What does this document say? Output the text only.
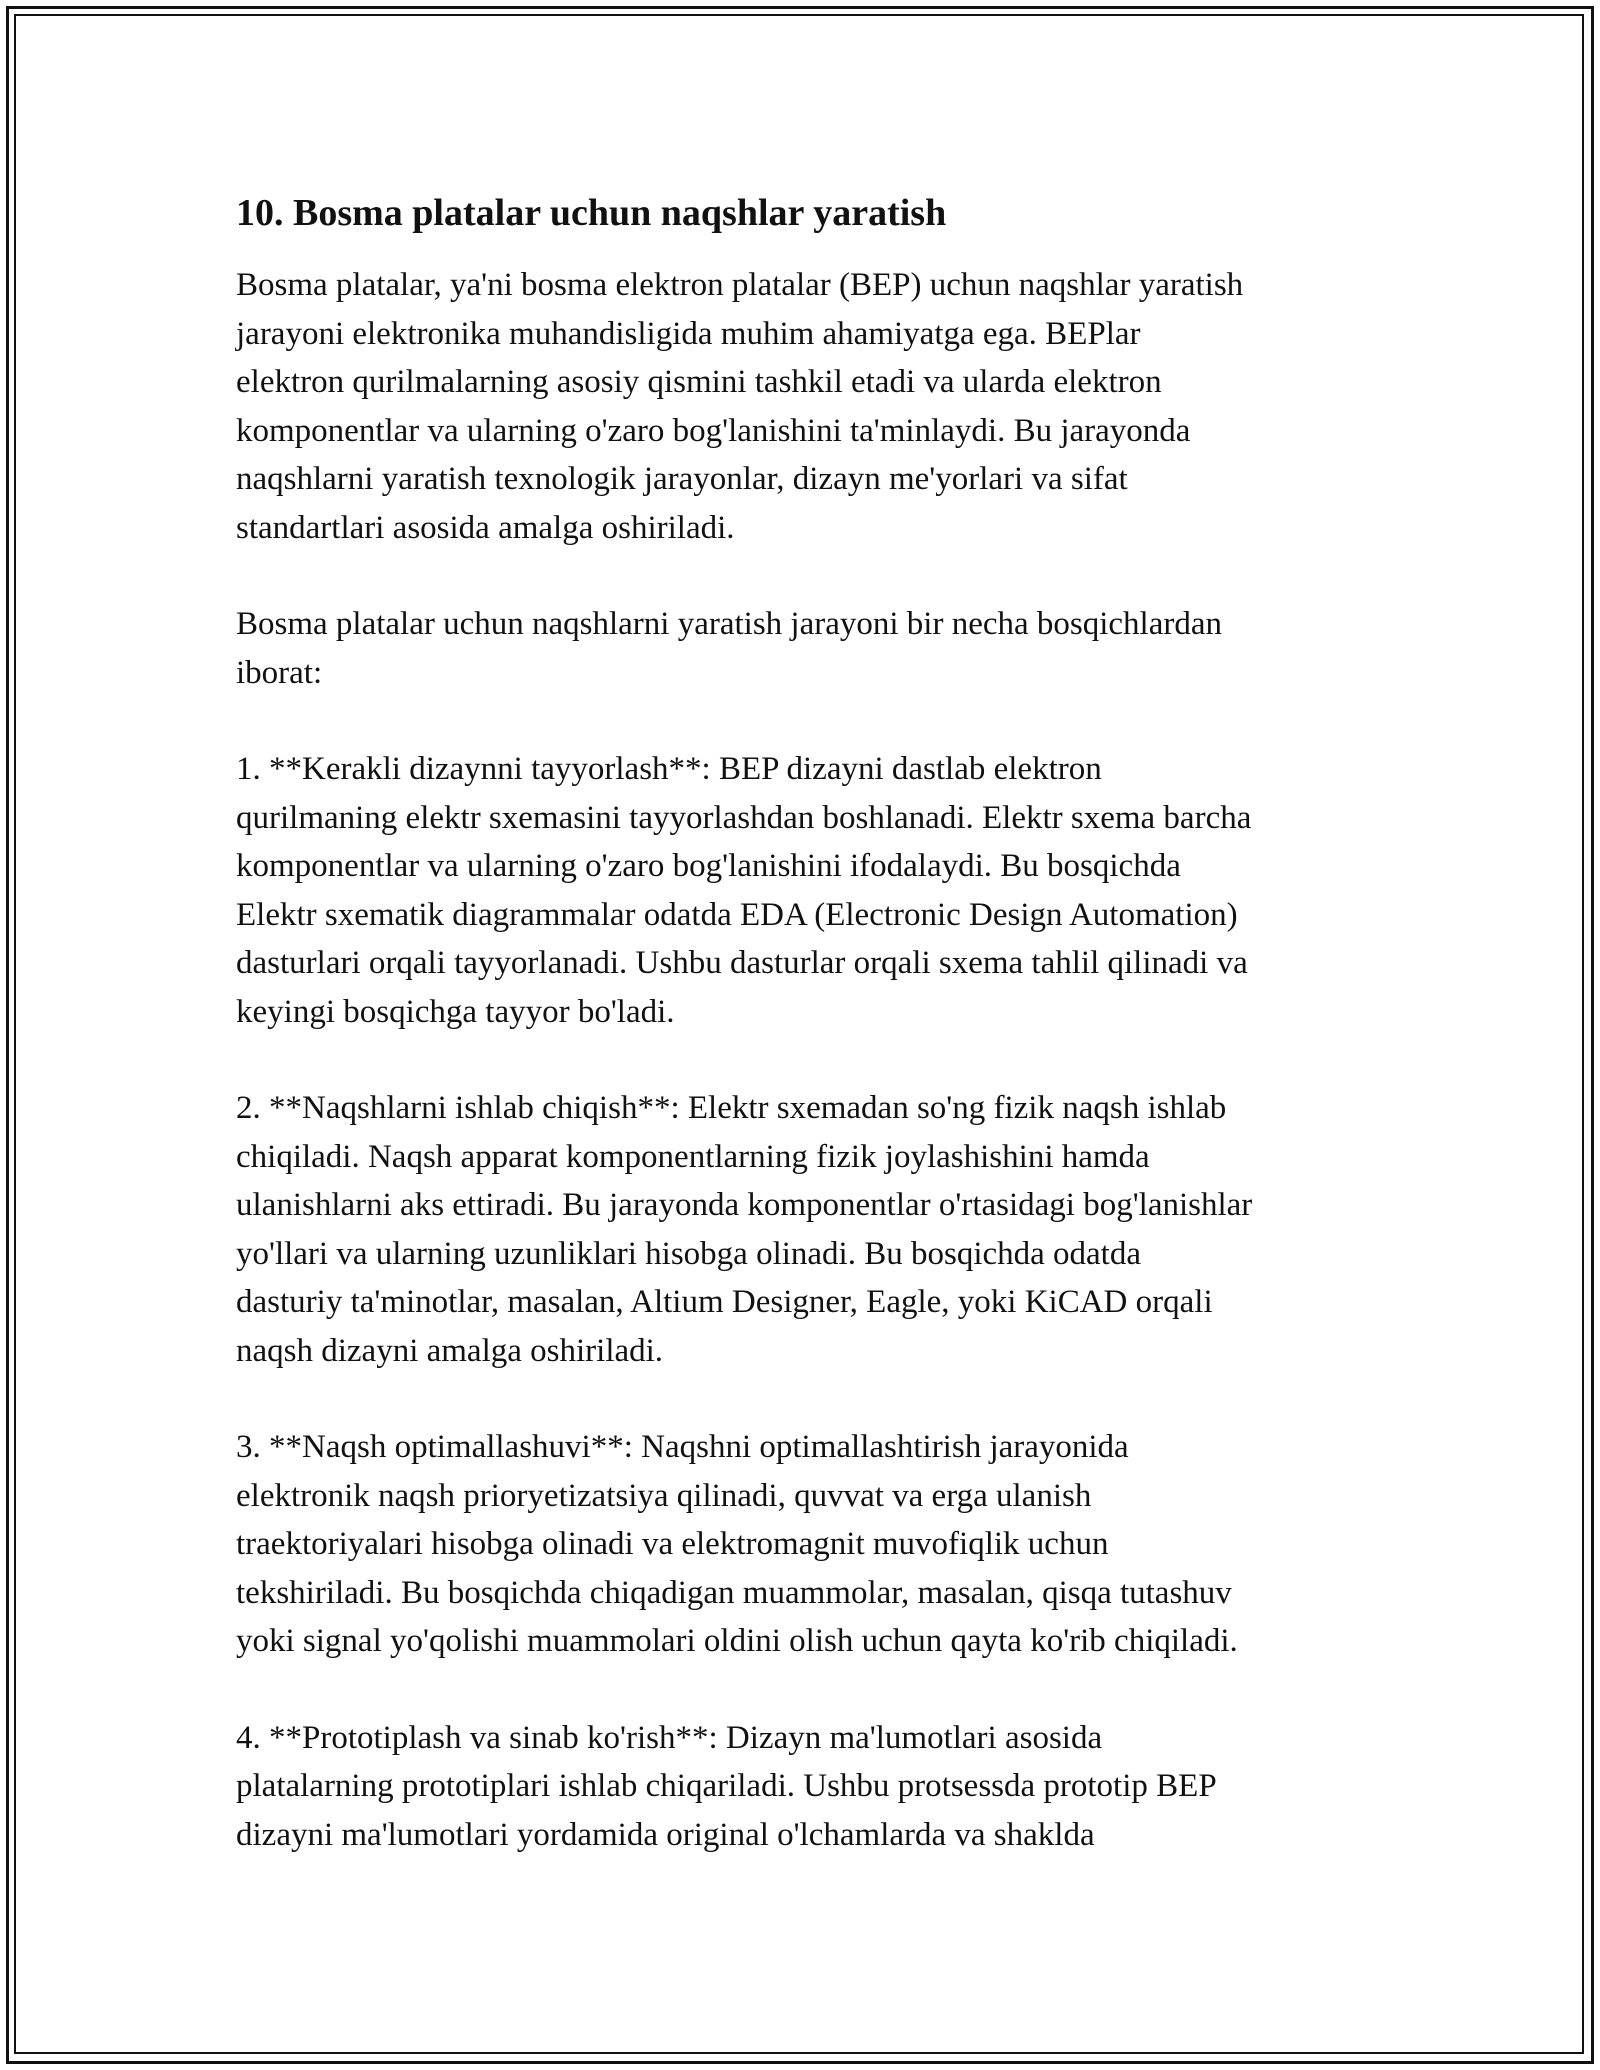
10. Bosma platalar uchun naqshlar yaratish

Bosma platalar, ya'ni bosma elektron platalar (BEP) uchun naqshlar yaratish
jarayoni elektronika muhandisligida muhim ahamiyatga ega. BEPlar
elektron qurilmalarning asosiy qismini tashkil etadi va ularda elektron
komponentlar va ularning o'zaro bog'lanishini ta'minlaydi. Bu jarayonda
naqshlarni yaratish texnologik jarayonlar, dizayn me'yorlari va sifat
standartlari asosida amalga oshiriladi.

Bosma platalar uchun naqshlarni yaratish jarayoni bir necha bosqichlardan
iborat:

1. **Kerakli dizaynni tayyorlash**: BEP dizayni dastlab elektron
qurilmaning elektr sxemasini tayyorlashdan boshlanadi. Elektr sxema barcha
komponentlar va ularning o'zaro bog'lanishini ifodalaydi. Bu bosqichda
Elektr sxematik diagrammalar odatda EDA (Electronic Design Automation)
dasturlari orqali tayyorlanadi. Ushbu dasturlar orqali sxema tahlil qilinadi va
keyingi bosqichga tayyor bo'ladi.

2. **Naqshlarni ishlab chiqish**: Elektr sxemadan so'ng fizik naqsh ishlab
chiqiladi. Naqsh apparat komponentlarning fizik joylashishini hamda
ulanishlarni aks ettiradi. Bu jarayonda komponentlar o'rtasidagi bog'lanishlar
yo'llari va ularning uzunliklari hisobga olinadi. Bu bosqichda odatda
dasturiy ta'minotlar, masalan, Altium Designer, Eagle, yoki KiCAD orqali
naqsh dizayni amalga oshiriladi.

3. **Naqsh optimallashuvi**: Naqshni optimallashtirish jarayonida
elektronik naqsh prioryetizatsiya qilinadi, quvvat va erga ulanish
traektoriyalari hisobga olinadi va elektromagnit muvofiqlik uchun
tekshiriladi. Bu bosqichda chiqadigan muammolar, masalan, qisqa tutashuv
yoki signal yo'qolishi muammolari oldini olish uchun qayta ko'rib chiqiladi.

4. **Prototiplash va sinab ko'rish**: Dizayn ma'lumotlari asosida
platalarning prototiplari ishlab chiqariladi. Ushbu protsessda prototip BEP
dizayni ma'lumotlari yordamida original o'lchamlarda va shaklda
